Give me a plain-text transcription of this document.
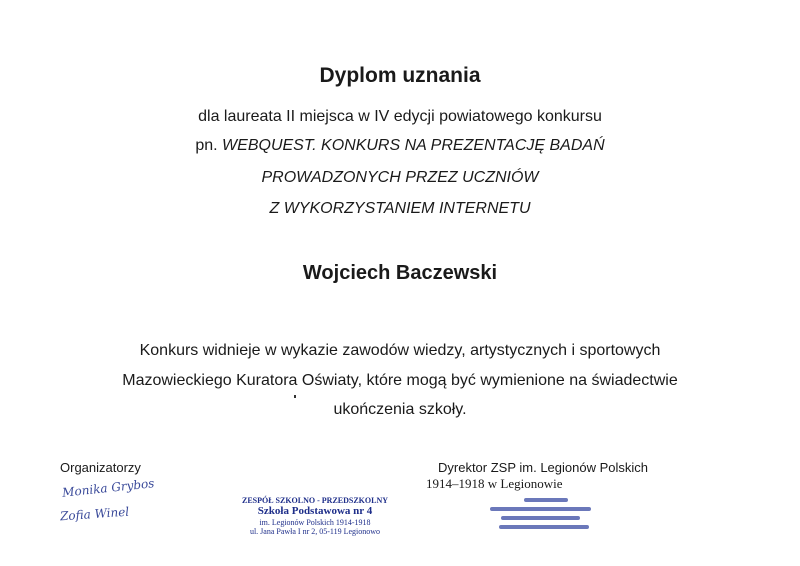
Dyplom uznania
dla laureata II miejsca w IV edycji powiatowego konkursu
pn. WEBQUEST. KONKURS NA PREZENTACJĘ BADAŃ
PROWADZONYCH PRZEZ UCZNIÓW
Z WYKORZYSTANIEM INTERNETU
Wojciech Baczewski
Konkurs widnieje w wykazie zawodów wiedzy, artystycznych i sportowych
Mazowieckiego Kuratora Oświaty, które mogą być wymienione na świadectwie
ukończenia szkoły.
Organizatorzy
Monika Grybos
Zofia Winel
ZESPÓŁ SZKOLNO - PRZEDSZKOLNY
Szkoła Podstawowa nr 4
im. Legionów Polskich 1914-1918
ul. Jana Pawła I nr 2, 05-119 Legionowo
Dyrektor ZSP im. Legionów Polskich
1914–1918 w Legionowie
